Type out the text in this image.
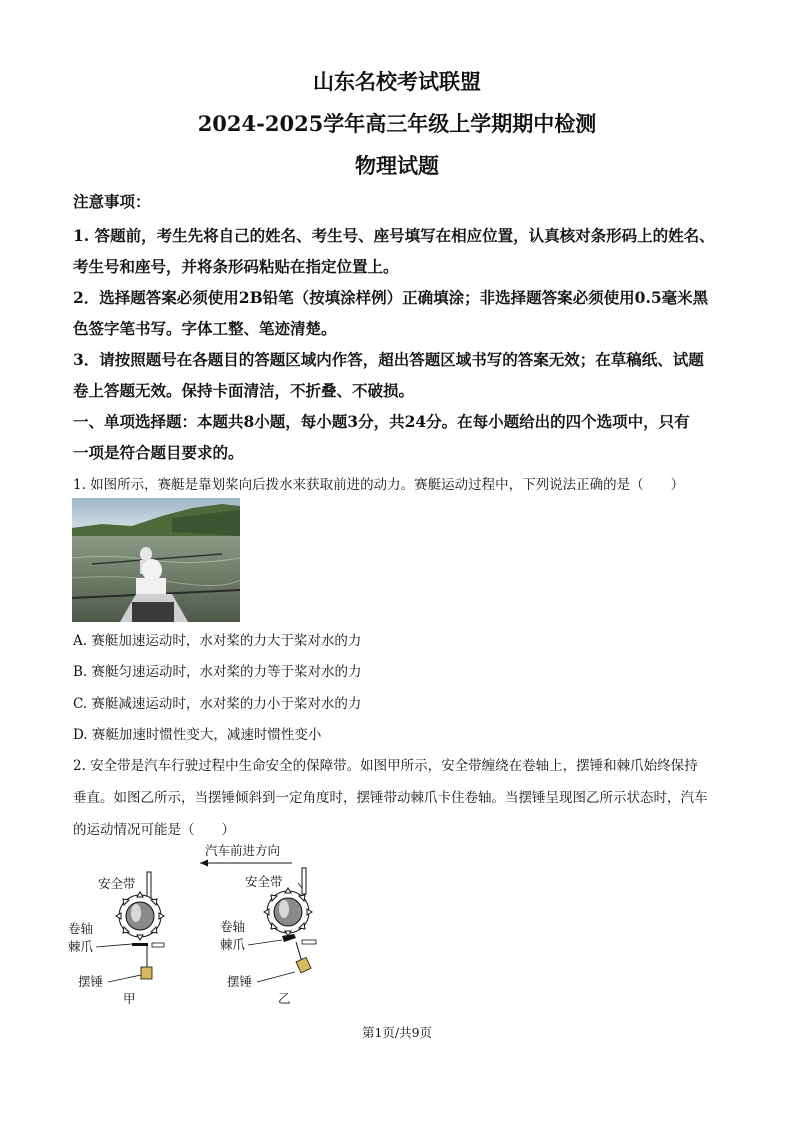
山东名校考试联盟
2024-2025学年高三年级上学期期中检测
物理试题
注意事项：
1. 答题前，考生先将自己的姓名、考生号、座号填写在相应位置，认真核对条形码上的姓名、
考生号和座号，并将条形码粘贴在指定位置上。
2．选择题答案必须使用2B铅笔（按填涂样例）正确填涂；非选择题答案必须使用0.5毫米黑
色签字笔书写。字体工整、笔迹清楚。
3．请按照题号在各题目的答题区域内作答，超出答题区域书写的答案无效；在草稿纸、试题
卷上答题无效。保持卡面清洁，不折叠、不破损。
一、单项选择题：本题共8小题，每小题3分，共24分。在每小题给出的四个选项中，只有
一项是符合题目要求的。
1. 如图所示，赛艇是靠划桨向后拨水来获取前进的动力。赛艇运动过程中，下列说法正确的是（　　）
A. 赛艇加速运动时，水对桨的力大于桨对水的力
B. 赛艇匀速运动时，水对桨的力等于桨对水的力
C. 赛艇减速运动时，水对桨的力小于桨对水的力
D. 赛艇加速时惯性变大，减速时惯性变小
2. 安全带是汽车行驶过程中生命安全的保障带。如图甲所示，安全带缠绕在卷轴上，摆锤和棘爪始终保持
垂直。如图乙所示，当摆锤倾斜到一定角度时，摆锤带动棘爪卡住卷轴。当摆锤呈现图乙所示状态时，汽车
的运动情况可能是（　　）
汽车前进方向
安全带
卷轴
棘爪
摆锤
甲
安全带
卷轴
棘爪
摆锤
乙
第1页/共9页
